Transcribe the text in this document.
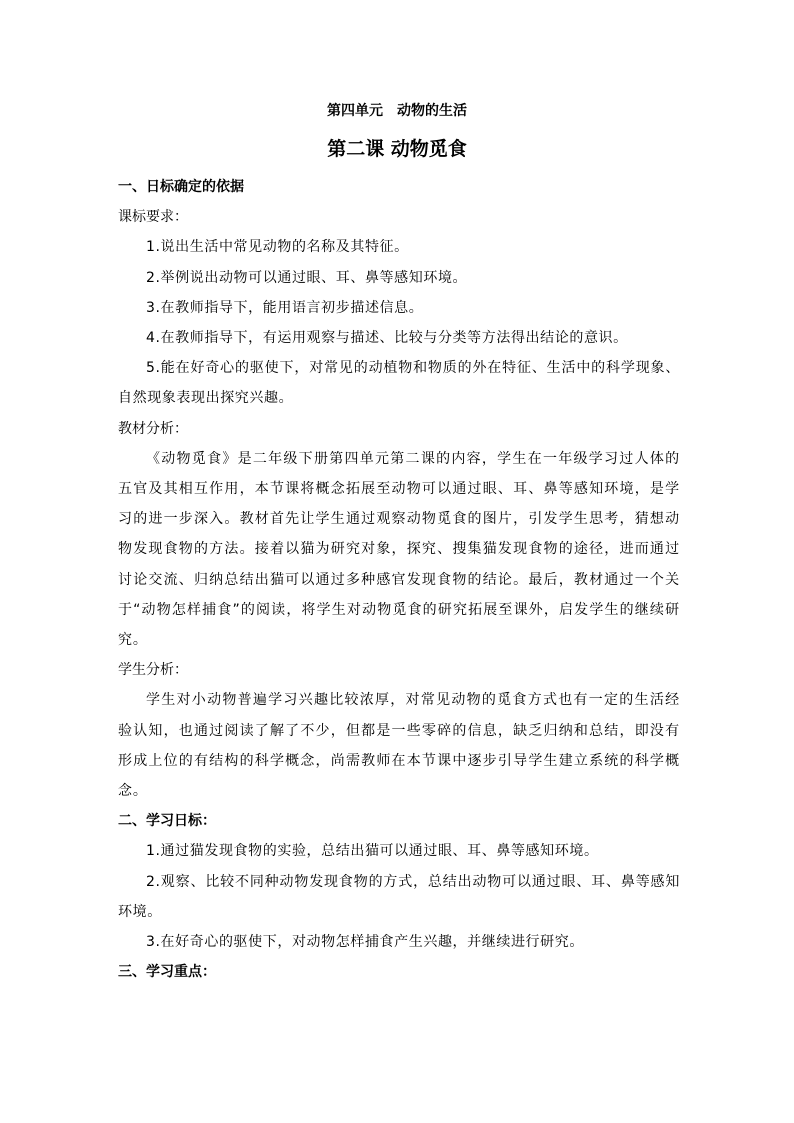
第四单元　动物的生活
第二课 动物觅食

一、日标确定的依据

课标要求：

1.说出生活中常见动物的名称及其特征。

2.举例说出动物可以通过眼、耳、鼻等感知环境。

3.在教师指导下，能用语言初步描述信息。

4.在教师指导下，有运用观察与描述、比较与分类等方法得出结论的意识。

5.能在好奇心的驱使下，对常见的动植物和物质的外在特征、生活中的科学现象、自然现象表现出探究兴趣。

教材分析：

《动物觅食》是二年级下册第四单元第二课的内容，学生在一年级学习过人体的五官及其相互作用，本节课将概念拓展至动物可以通过眼、耳、鼻等感知环境，是学习的进一步深入。教材首先让学生通过观察动物觅食的图片，引发学生思考，猜想动物发现食物的方法。接着以猫为研究对象，探究、搜集猫发现食物的途径，进而通过讨论交流、归纳总结出猫可以通过多种感官发现食物的结论。最后，教材通过一个关于“动物怎样捕食”的阅读，将学生对动物觅食的研究拓展至课外，启发学生的继续研究。

学生分析：

学生对小动物普遍学习兴趣比较浓厚，对常见动物的觅食方式也有一定的生活经验认知，也通过阅读了解了不少，但都是一些零碎的信息，缺乏归纳和总结，即没有形成上位的有结构的科学概念，尚需教师在本节课中逐步引导学生建立系统的科学概念。

二、学习日标：

1.通过猫发现食物的实验，总结出猫可以通过眼、耳、鼻等感知环境。

2.观察、比较不同种动物发现食物的方式，总结出动物可以通过眼、耳、鼻等感知环境。

3.在好奇心的驱使下，对动物怎样捕食产生兴趣，并继续进行研究。

三、学习重点：
